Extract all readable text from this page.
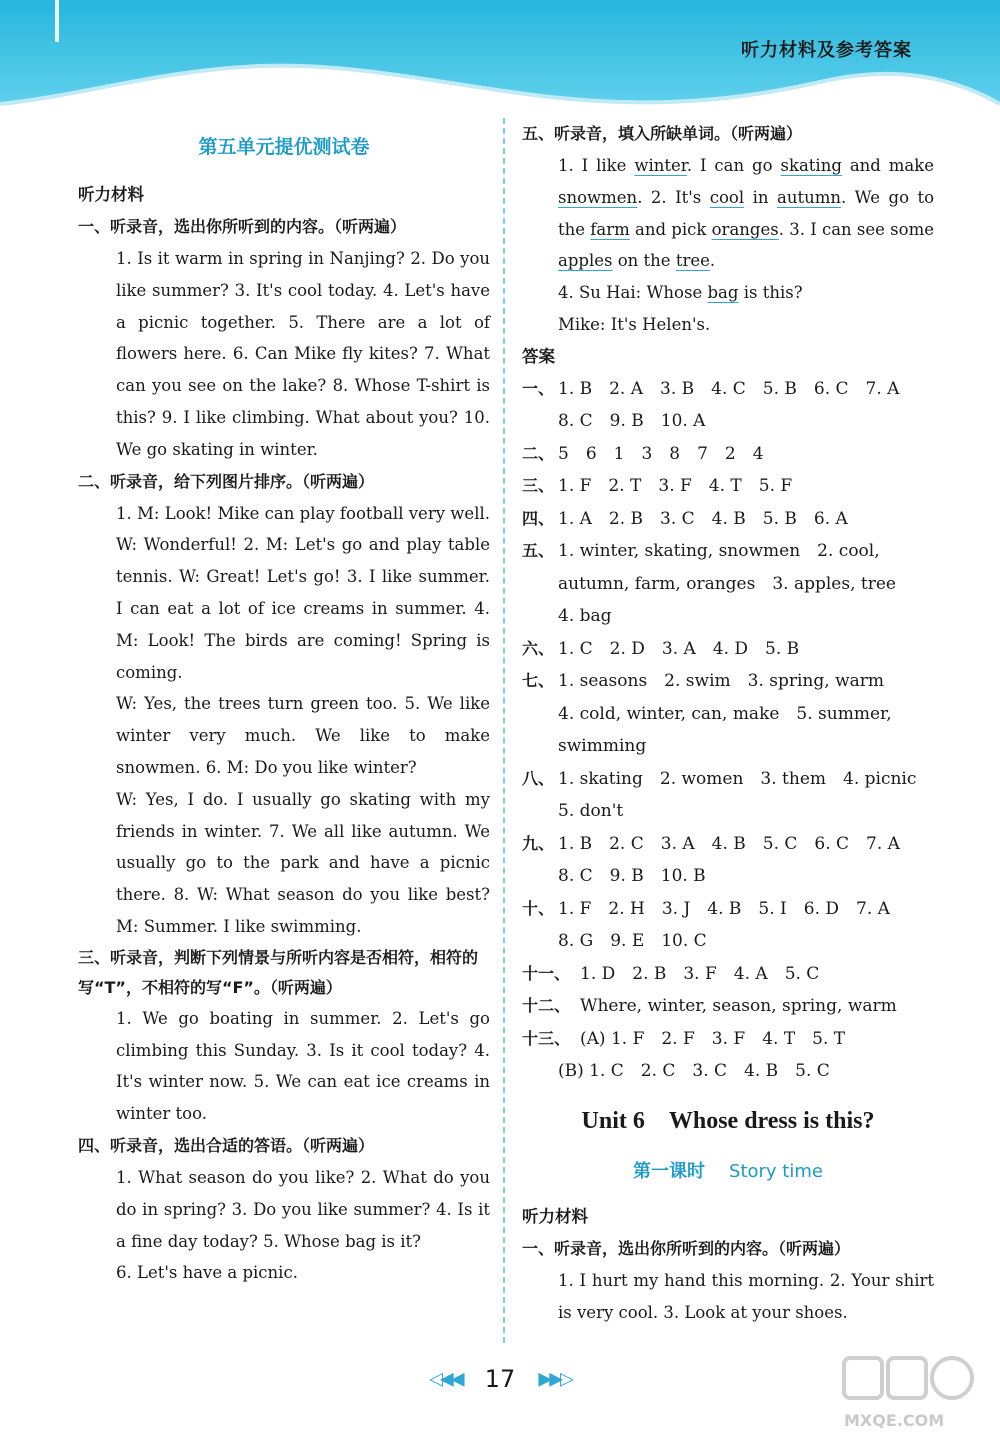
听力材料及参考答案
第五单元提优测试卷
听力材料
一、听录音，选出你所听到的内容。（听两遍）
1. Is it warm in spring in Nanjing? 2. Do you like summer? 3. It's cool today. 4. Let's have a picnic together. 5. There are a lot of flowers here. 6. Can Mike fly kites? 7. What can you see on the lake? 8. Whose T-shirt is this? 9. I like climbing. What about you? 10. We go skating in winter.
二、听录音，给下列图片排序。（听两遍）
1. M: Look! Mike can play football very well. W: Wonderful! 2. M: Let's go and play table tennis. W: Great! Let's go! 3. I like summer. I can eat a lot of ice creams in summer. 4. M: Look! The birds are coming! Spring is coming.
W: Yes, the trees turn green too. 5. We like winter very much. We like to make snowmen. 6. M: Do you like winter?
W: Yes, I do. I usually go skating with my friends in winter. 7. We all like autumn. We usually go to the park and have a picnic there. 8. W: What season do you like best? M: Summer. I like swimming.
三、听录音，判断下列情景与所听内容是否相符，相符的写“T”，不相符的写“F”。（听两遍）
1. We go boating in summer. 2. Let's go climbing this Sunday. 3. Is it cool today? 4. It's winter now. 5. We can eat ice creams in winter too.
四、听录音，选出合适的答语。（听两遍）
1. What season do you like? 2. What do you do in spring? 3. Do you like summer? 4. Is it a fine day today? 5. Whose bag is it?
6. Let's have a picnic.
五、听录音，填入所缺单词。（听两遍）
1. I like winter. I can go skating and make snowmen. 2. It's cool in autumn. We go to the farm and pick oranges. 3. I can see some apples on the tree.
4. Su Hai: Whose bag is this?
Mike: It's Helen's.
答案
一、 1. B　2. A　3. B　4. C　5. B　6. C　7. A
8. C　9. B　10. A
二、 5　6　1　3　8　7　2　4
三、 1. F　2. T　3. F　4. T　5. F
四、 1. A　2. B　3. C　4. B　5. B　6. A
五、 1. winter, skating, snowmen　2. cool,
autumn, farm, oranges　3. apples, tree
4. bag
六、 1. C　2. D　3. A　4. D　5. B
七、 1. seasons　2. swim　3. spring, warm
4. cold, winter, can, make　5. summer,
swimming
八、 1. skating　2. women　3. them　4. picnic
5. don't
九、 1. B　2. C　3. A　4. B　5. C　6. C　7. A
8. C　9. B　10. B
十、 1. F　2. H　3. J　4. B　5. I　6. D　7. A
8. G　9. E　10. C
十一、 1. D　2. B　3. F　4. A　5. C
十二、 Where, winter, season, spring, warm
十三、 (A) 1. F　2. F　3. F　4. T　5. T
(B) 1. C　2. C　3. C　4. B　5. C
Unit 6　Whose dress is this?
第一课时 Story time
听力材料
一、听录音，选出你所听到的内容。（听两遍）
1. I hurt my hand this morning. 2. Your shirt is very cool. 3. Look at your shoes.
◁◀◀ 17 ▶▶▷
MXQE.COM
